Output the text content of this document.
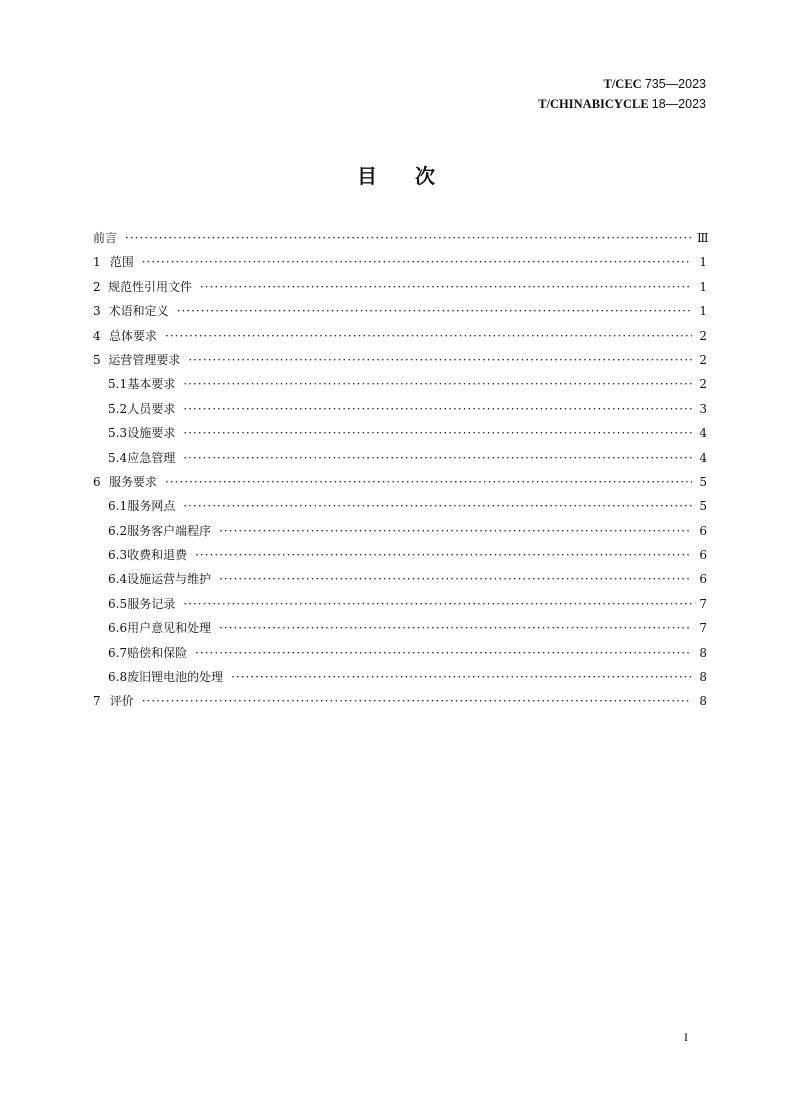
T/CEC 735—2023
T/CHINABICYCLE 18—2023
目 次
前言 ·····	Ⅲ
1 范围 ·····	1
2 规范性引用文件 ·····	1
3 术语和定义 ·····	1
4 总体要求 ·····	2
5 运营管理要求 ·····	2
5.1 基本要求 ·····	2
5.2 人员要求 ·····	3
5.3 设施要求 ·····	4
5.4 应急管理 ·····	4
6 服务要求 ·····	5
6.1 服务网点 ·····	5
6.2 服务客户端程序 ·····	6
6.3 收费和退费 ·····	6
6.4 设施运营与维护 ·····	6
6.5 服务记录 ·····	7
6.6 用户意见和处理 ·····	7
6.7 赔偿和保险 ·····	8
6.8 废旧锂电池的处理 ·····	8
7 评价 ·····	8
I
